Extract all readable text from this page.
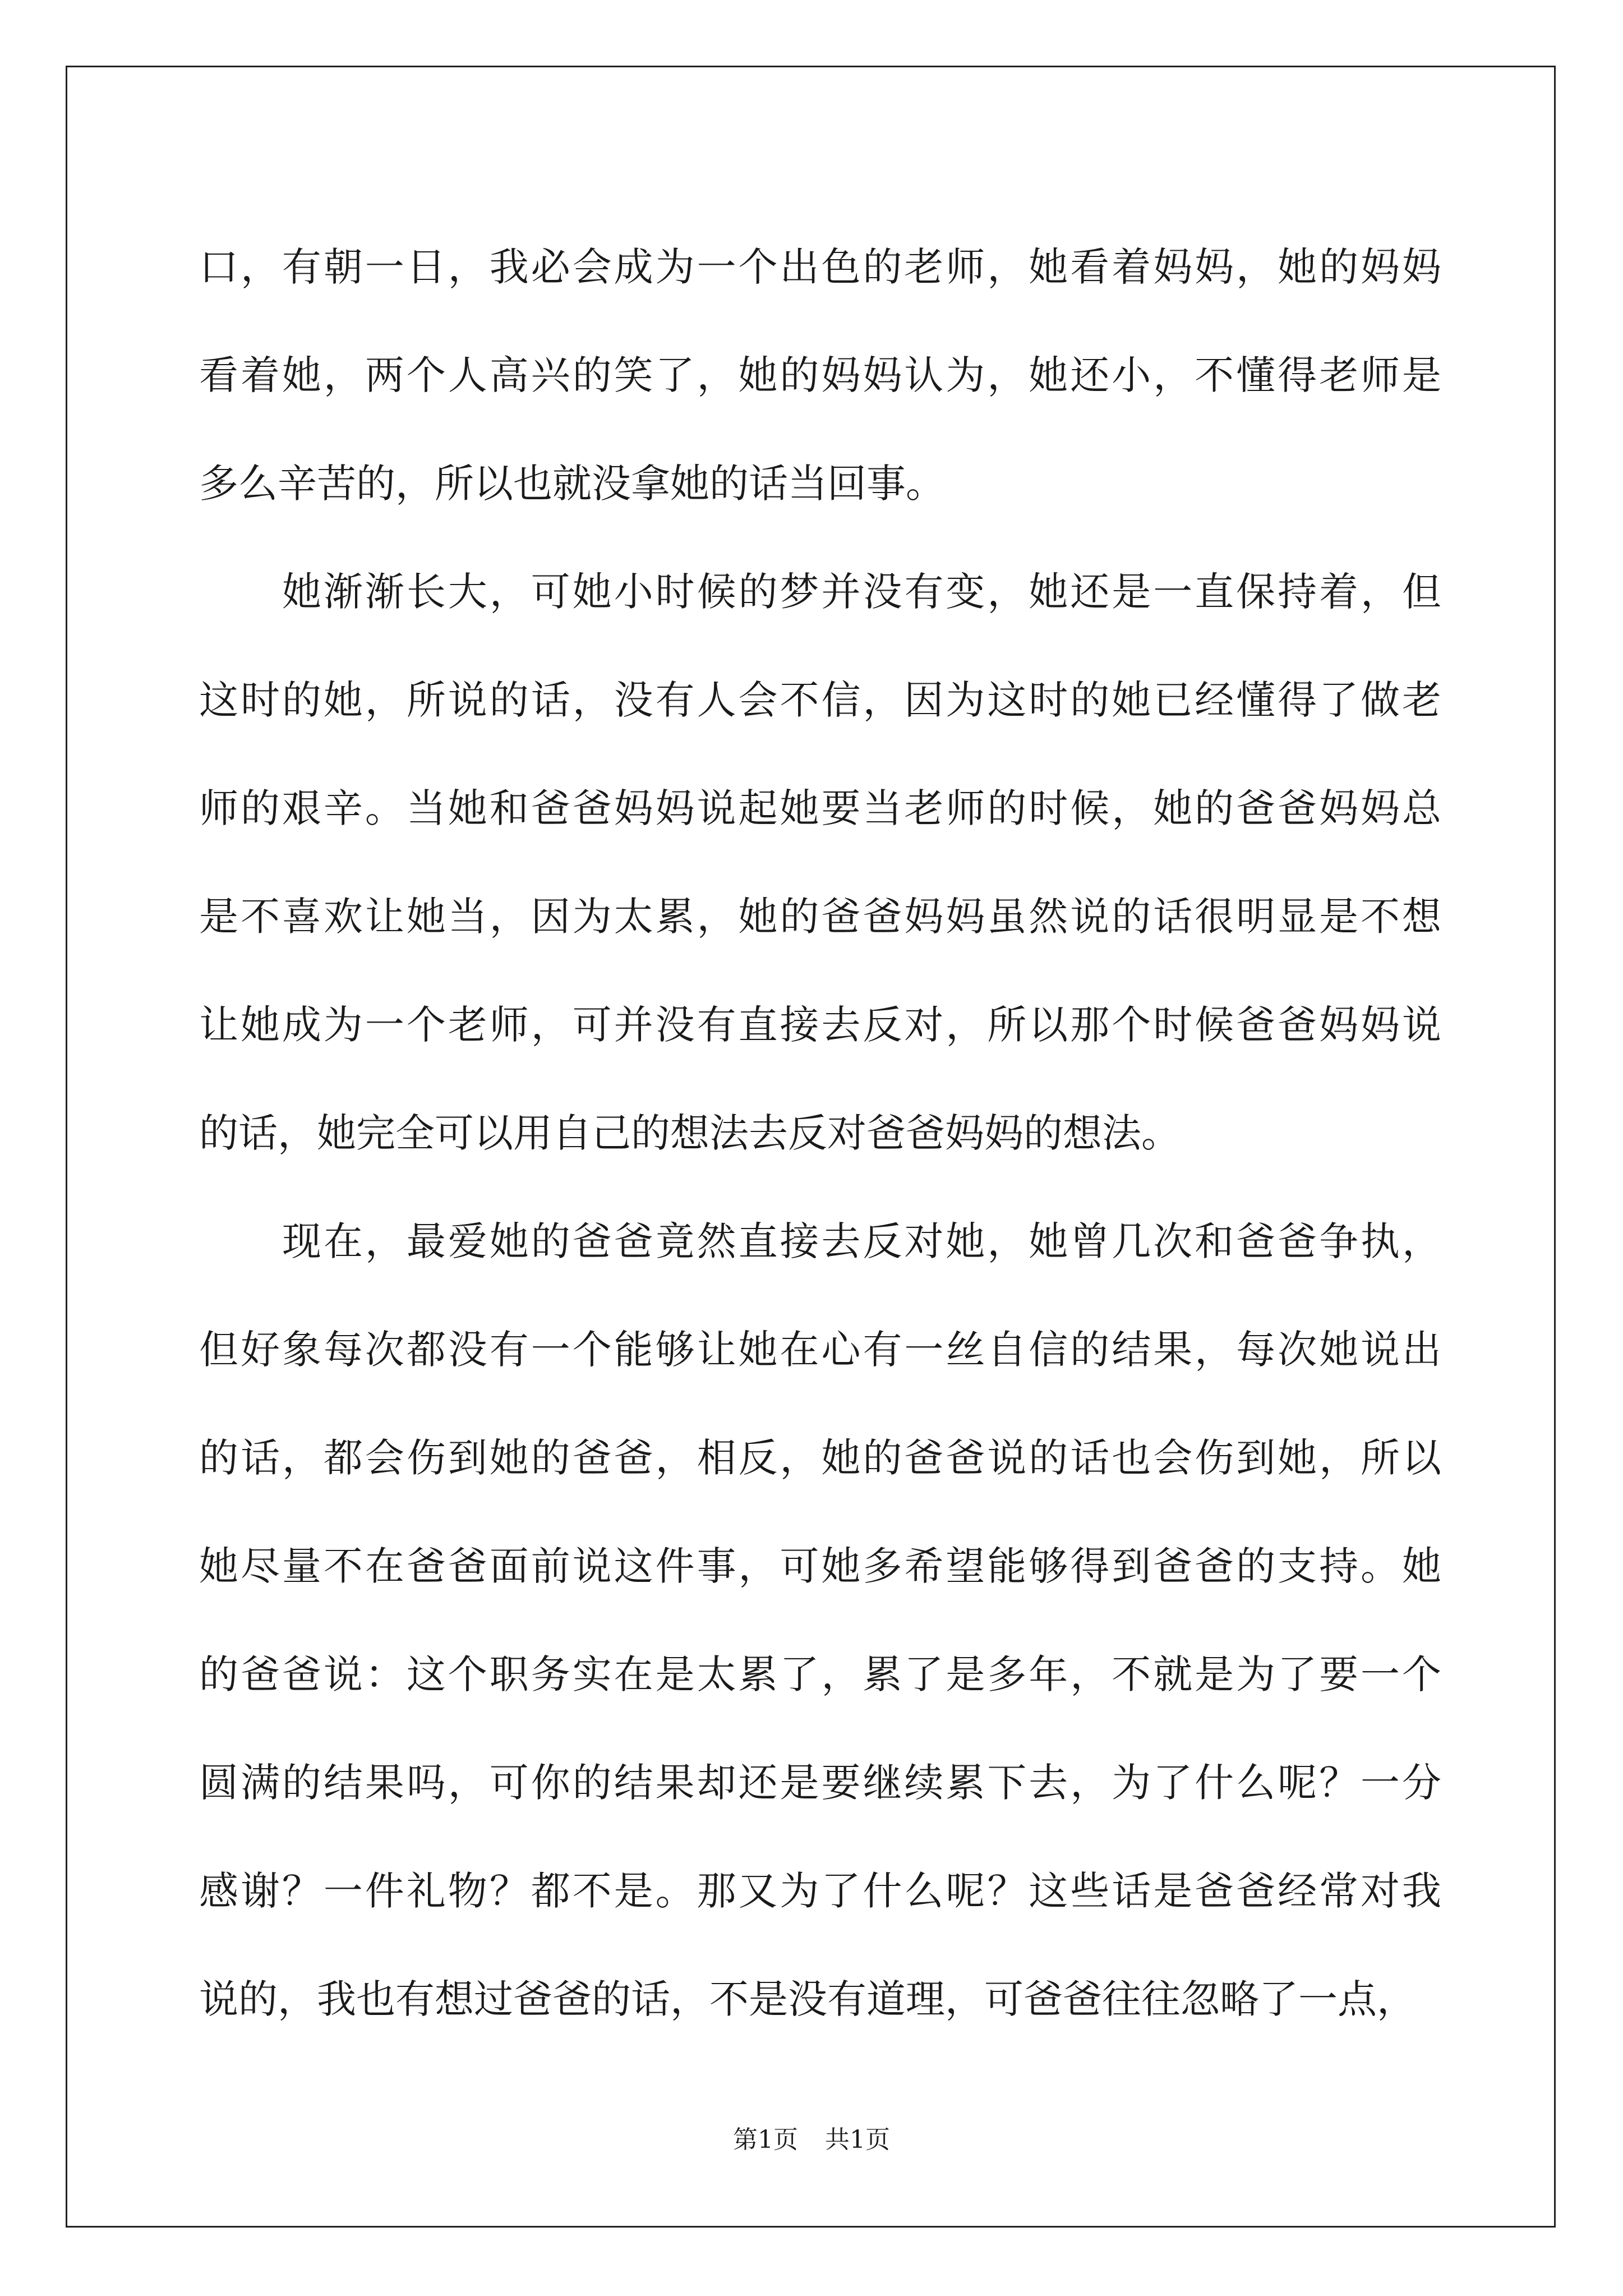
口，有朝一日，我必会成为一个出色的老师，她看着妈妈，她的妈妈
看着她，两个人高兴的笑了，她的妈妈认为，她还小，不懂得老师是
多么辛苦的，所以也就没拿她的话当回事。
她渐渐长大，可她小时候的梦并没有变，她还是一直保持着，但
这时的她，所说的话，没有人会不信，因为这时的她已经懂得了做老
师的艰辛。当她和爸爸妈妈说起她要当老师的时候，她的爸爸妈妈总
是不喜欢让她当，因为太累，她的爸爸妈妈虽然说的话很明显是不想
让她成为一个老师，可并没有直接去反对，所以那个时候爸爸妈妈说
的话，她完全可以用自己的想法去反对爸爸妈妈的想法。
现在，最爱她的爸爸竟然直接去反对她，她曾几次和爸爸争执，
但好象每次都没有一个能够让她在心有一丝自信的结果，每次她说出
的话，都会伤到她的爸爸，相反，她的爸爸说的话也会伤到她，所以
她尽量不在爸爸面前说这件事，可她多希望能够得到爸爸的支持。她
的爸爸说：这个职务实在是太累了，累了是多年，不就是为了要一个
圆满的结果吗，可你的结果却还是要继续累下去，为了什么呢？一分
感谢？一件礼物？都不是。那又为了什么呢？这些话是爸爸经常对我
说的，我也有想过爸爸的话，不是没有道理，可爸爸往往忽略了一点，
第1页 共1页
